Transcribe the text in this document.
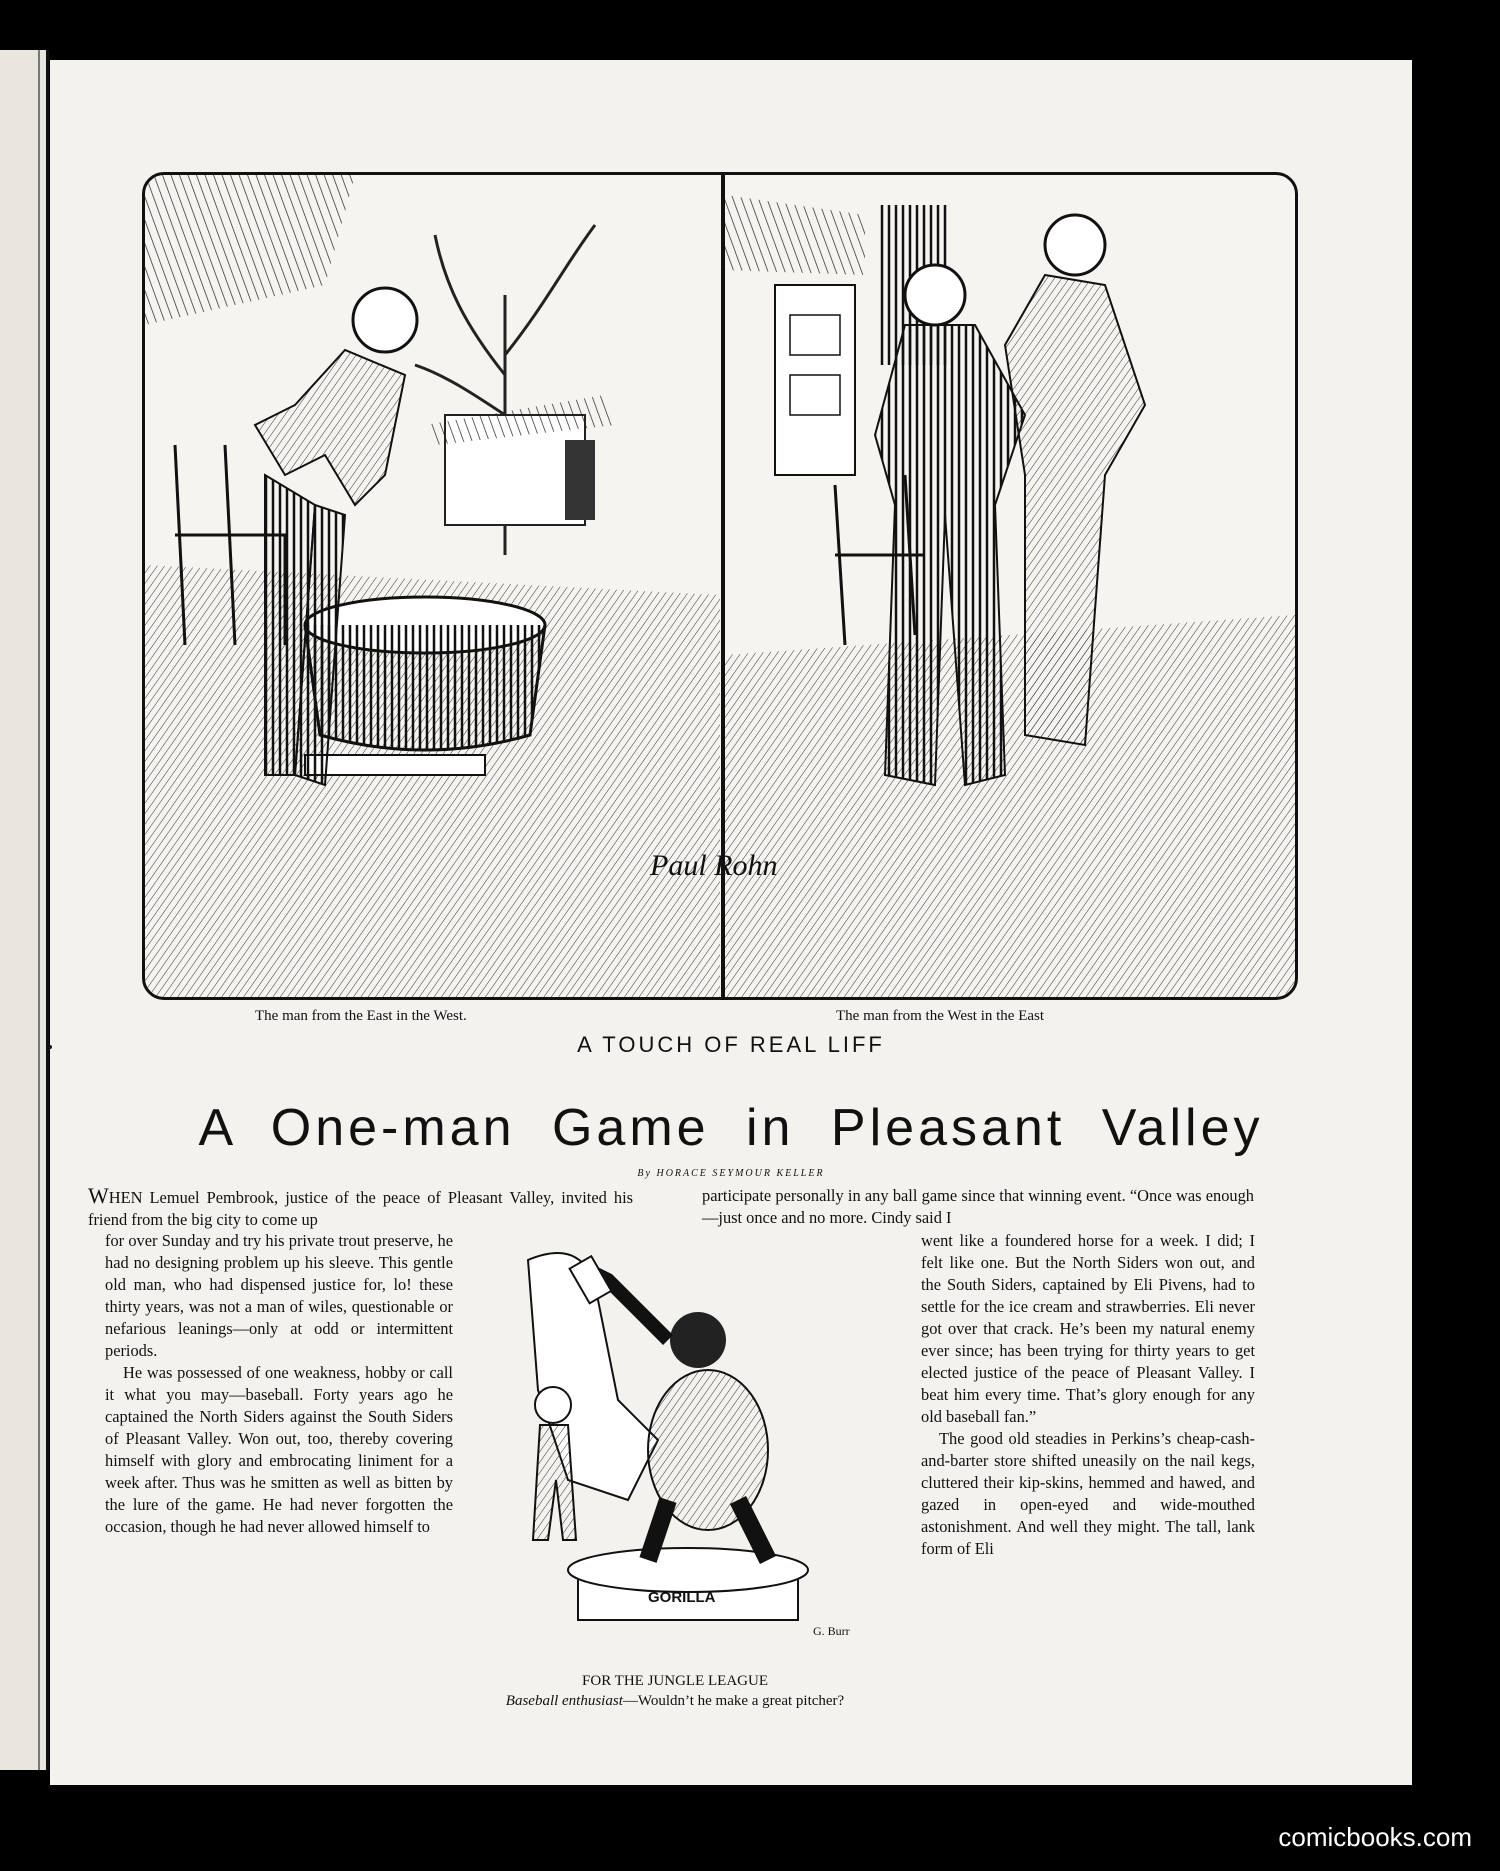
Paul Rohn
The man from the East in the West.	The man from the West in the East
A TOUCH OF REAL LIFF
A One-man Game in Pleasant Valley
By HORACE SEYMOUR KELLER
WHEN Lemuel Pembrook, justice of the peace of Pleasant Valley, invited his friend from the big city to come up
participate personally in any ball game since that winning event. “Once was enough—just once and no more. Cindy said I

for over Sunday and try his private trout preserve, he had no designing problem up his sleeve. This gentle old man, who had dispensed justice for, lo! these thirty years, was not a man of wiles, questionable or nefarious leanings—only at odd or intermittent periods.

He was possessed of one weakness, hobby or call it what you may—baseball. Forty years ago he captained the North Siders against the South Siders of Pleasant Valley. Won out, too, thereby covering himself with glory and embrocating liniment for a week after. Thus was he smitten as well as bitten by the lure of the game. He had never forgotten the occasion, though he had never allowed himself to

GORILLA
G. Burr
FOR THE JUNGLE LEAGUE
Baseball enthusiast—Wouldn’t he make a great pitcher?

went like a foundered horse for a week. I did; I felt like one. But the North Siders won out, and the South Siders, captained by Eli Pivens, had to settle for the ice cream and strawberries. Eli never got over that crack. He’s been my natural enemy ever since; has been trying for thirty years to get elected justice of the peace of Pleasant Valley. I beat him every time. That’s glory enough for any old baseball fan.”

The good old steadies in Perkins’s cheap-cash-and-barter store shifted uneasily on the nail kegs, cluttered their kip-skins, hemmed and hawed, and gazed in open-eyed and wide-mouthed astonishment. And well they might. The tall, lank form of Eli

comicbooks.com
